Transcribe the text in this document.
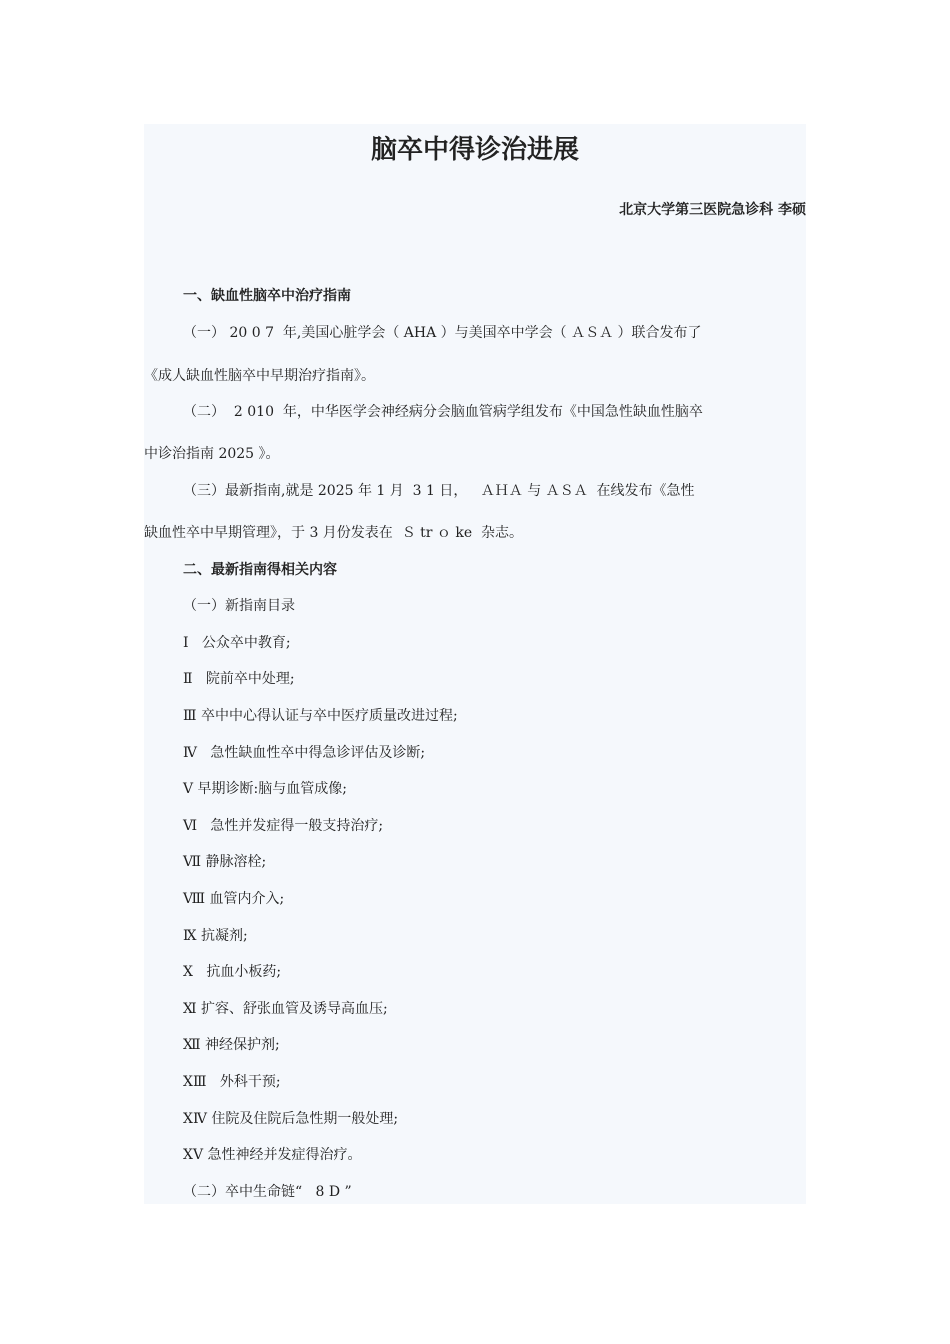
脑卒中得诊治进展
北京大学第三医院急诊科 李硕
一、缺血性脑卒中治疗指南
（一） 20 0 7  年,美国心脏学会（ AHA ）与美国卒中学会（ ＡＳＡ ）联合发布了
《成人缺血性脑卒中早期治疗指南》。
（二）  2 010  年，中华医学会神经病分会脑血管病学组发布《中国急性缺血性脑卒
中诊治指南 2025 》。
（三）最新指南,就是 2025 年 1 月  3 1 日，   ＡＨＡ 与 ＡＳＡ  在线发布《急性
缺血性卒中早期管理》，于 3 月份发表在  Ｓ tr ｏ ke  杂志。
二、最新指南得相关内容
（一）新指南目录
Ⅰ   公众卒中教育;
Ⅱ   院前卒中处理;
Ⅲ 卒中中心得认证与卒中医疗质量改进过程;
Ⅳ   急性缺血性卒中得急诊评估及诊断;
Ⅴ 早期诊断:脑与血管成像;
Ⅵ   急性并发症得一般支持治疗;
Ⅶ 静脉溶栓;
Ⅷ 血管内介入;
Ⅸ 抗凝剂;
Ⅹ   抗血小板药;
Ⅺ 扩容、舒张血管及诱导高血压;
Ⅻ 神经保护剂;
ⅩⅢ   外科干预;
ⅩⅣ 住院及住院后急性期一般处理;
ⅩⅤ 急性神经并发症得治疗。
（二）卒中生命链“   8 D ”
